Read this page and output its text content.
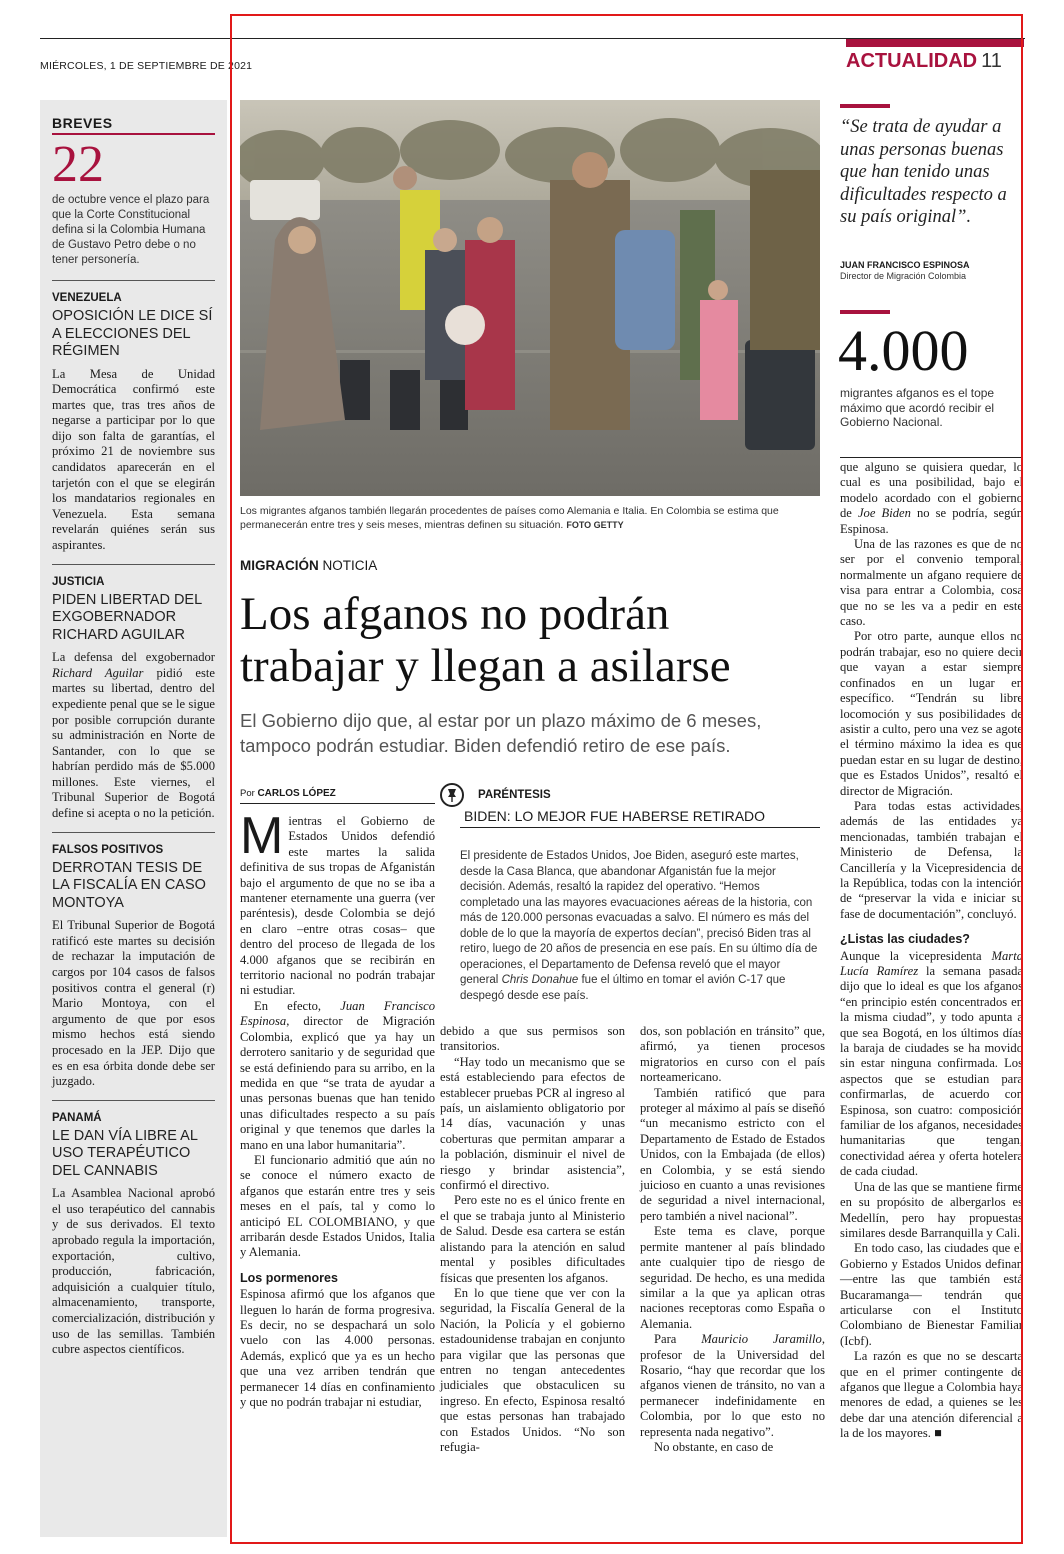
MIÉRCOLES, 1 DE SEPTIEMBRE DE 2021	ACTUALIDAD 11
BREVES
22
de octubre vence el plazo para que la Corte Constitucional defina si la Colombia Humana de Gustavo Petro debe o no tener personería.
VENEZUELA
OPOSICIÓN LE DICE SÍ A ELECCIONES DEL RÉGIMEN
La Mesa de Unidad Democrática confirmó este martes que, tras tres años de negarse a participar por lo que dijo son falta de garantías, el próximo 21 de noviembre sus candidatos aparecerán en el tarjetón con el que se elegirán los mandatarios regionales en Venezuela. Esta semana revelarán quiénes serán sus aspirantes.
JUSTICIA
PIDEN LIBERTAD DEL EXGOBERNADOR RICHARD AGUILAR
La defensa del exgobernador Richard Aguilar pidió este martes su libertad, dentro del expediente penal que se le sigue por posible corrupción durante su administración en Norte de Santander, con lo que se habrían perdido más de $5.000 millones. Este viernes, el Tribunal Superior de Bogotá define si acepta o no la petición.
FALSOS POSITIVOS
DERROTAN TESIS DE LA FISCALÍA EN CASO MONTOYA
El Tribunal Superior de Bogotá ratificó este martes su decisión de rechazar la imputación de cargos por 104 casos de falsos positivos contra el general (r) Mario Montoya, con el argumento de que por esos mismo hechos está siendo procesado en la JEP. Dijo que es en esa órbita donde debe ser juzgado.
PANAMÁ
LE DAN VÍA LIBRE AL USO TERAPÉUTICO DEL CANNABIS
La Asamblea Nacional aprobó el uso terapéutico del cannabis y de sus derivados. El texto aprobado regula la importación, exportación, cultivo, producción, fabricación, adquisición a cualquier título, almacenamiento, transporte, comercialización, distribución y uso de las semillas. También cubre aspectos científicos.
Los migrantes afganos también llegarán procedentes de países como Alemania e Italia. En Colombia se estima que permanecerán entre tres y seis meses, mientras definen su situación. FOTO GETTY
MIGRACIÓN NOTICIA
Los afganos no podrán trabajar y llegan a asilarse
El Gobierno dijo que, al estar por un plazo máximo de 6 meses, tampoco podrán estudiar. Biden defendió retiro de ese país.
Por CARLOS LÓPEZ

Mientras el Gobierno de Estados Unidos defendió este martes la salida definitiva de sus tropas de Afganistán bajo el argumento de que no se iba a mantener eternamente una guerra (ver paréntesis), desde Colombia se dejó en claro –entre otras cosas– que dentro del proceso de llegada de los 4.000 afganos que se recibirán en territorio nacional no podrán trabajar ni estudiar.

En efecto, Juan Francisco Espinosa, director de Migración Colombia, explicó que ya hay un derrotero sanitario y de seguridad que se está definiendo para su arribo, en la medida en que “se trata de ayudar a unas personas buenas que han tenido unas dificultades respecto a su país original y que tenemos que darles la mano en una labor humanitaria”.

El funcionario admitió que aún no se conoce el número exacto de afganos que estarán entre tres y seis meses en el país, tal y como lo anticipó EL COLOMBIANO, y que arribarán desde Estados Unidos, Italia y Alemania.

Los pormenores

Espinosa afirmó que los afganos que lleguen lo harán de forma progresiva. Es decir, no se despachará un solo vuelo con las 4.000 personas. Además, explicó que ya es un hecho que una vez arriben tendrán que permanecer 14 días en confinamiento y que no podrán trabajar ni estudiar,

PARÉNTESIS
BIDEN: LO MEJOR FUE HABERSE RETIRADO
El presidente de Estados Unidos, Joe Biden, aseguró este martes, desde la Casa Blanca, que abandonar Afganistán fue la mejor decisión. Además, resaltó la rapidez del operativo. “Hemos completado una las mayores evacuaciones aéreas de la historia, con más de 120.000 personas evacuadas a salvo. El número es más del doble de lo que la mayoría de expertos decían”, precisó Biden tras al retiro, luego de 20 años de presencia en ese país. En su último día de operaciones, el Departamento de Defensa reveló que el mayor general Chris Donahue fue el último en tomar el avión C-17 que despegó desde ese país.

debido a que sus permisos son transitorios.

“Hay todo un mecanismo que se está estableciendo para efectos de establecer pruebas PCR al ingreso al país, un aislamiento obligatorio por 14 días, vacunación y unas coberturas que permitan amparar a la población, disminuir el nivel de riesgo y brindar asistencia”, confirmó el directivo.

Pero este no es el único frente en el que se trabaja junto al Ministerio de Salud. Desde esa cartera se están alistando para la atención en salud mental y posibles dificultades físicas que presenten los afganos.

En lo que tiene que ver con la seguridad, la Fiscalía General de la Nación, la Policía y el gobierno estadounidense trabajan en conjunto para vigilar que las personas que entren no tengan antecedentes judiciales que obstaculicen su ingreso. En efecto, Espinosa resaltó que estas personas han trabajado con Estados Unidos. “No son refugia-

dos, son población en tránsito” que, afirmó, ya tienen procesos migratorios en curso con el país norteamericano.

También ratificó que para proteger al máximo al país se diseñó “un mecanismo estricto con el Departamento de Estado de Estados Unidos, con la Embajada (de ellos) en Colombia, y se está siendo juicioso en cuanto a unas revisiones de seguridad a nivel internacional, pero también a nivel nacional”.

Este tema es clave, porque permite mantener al país blindado ante cualquier tipo de riesgo de seguridad. De hecho, es una medida similar a la que ya aplican otras naciones receptoras como España o Alemania.

Para Mauricio Jaramillo, profesor de la Universidad del Rosario, “hay que recordar que los afganos vienen de tránsito, no van a permanecer indefinidamente en Colombia, por lo que esto no representa nada negativo”.

No obstante, en caso de

“Se trata de ayudar a unas personas buenas que han tenido unas dificultades respecto a su país original”.
JUAN FRANCISCO ESPINOSA
Director de Migración Colombia
4.000
migrantes afganos es el tope máximo que acordó recibir el Gobierno Nacional.

que alguno se quisiera quedar, lo cual es una posibilidad, bajo el modelo acordado con el gobierno de Joe Biden no se podría, según Espinosa.

Una de las razones es que de no ser por el convenio temporal, normalmente un afgano requiere de visa para entrar a Colombia, cosa que no se les va a pedir en este caso.

Por otro parte, aunque ellos no podrán trabajar, eso no quiere decir que vayan a estar siempre confinados en un lugar en específico. “Tendrán su libre locomoción y sus posibilidades de asistir a culto, pero una vez se agote el término máximo la idea es que puedan estar en su lugar de destino, que es Estados Unidos”, resaltó el director de Migración.

Para todas estas actividades, además de las entidades ya mencionadas, también trabajan el Ministerio de Defensa, la Cancillería y la Vicepresidencia de la República, todas con la intención de “preservar la vida e iniciar su fase de documentación”, concluyó.

¿Listas las ciudades?

Aunque la vicepresidenta Marta Lucía Ramírez la semana pasada dijo que lo ideal es que los afganos “en principio estén concentrados en la misma ciudad”, y todo apunta a que sea Bogotá, en los últimos días la baraja de ciudades se ha movido sin estar ninguna confirmada. Los aspectos que se estudian para confirmarlas, de acuerdo con Espinosa, son cuatro: composición familiar de los afganos, necesidades humanitarias que tengan, conectividad aérea y oferta hotelera de cada ciudad.

Una de las que se mantiene firme en su propósito de albergarlos es Medellín, pero hay propuestas similares desde Barranquilla y Cali.

En todo caso, las ciudades que el Gobierno y Estados Unidos definan —entre las que también está Bucaramanga— tendrán que articularse con el Instituto Colombiano de Bienestar Familiar (Icbf).

La razón es que no se descarta que en el primer contingente de afganos que llegue a Colombia haya menores de edad, a quienes se les debe dar una atención diferencial a la de los mayores. ■
